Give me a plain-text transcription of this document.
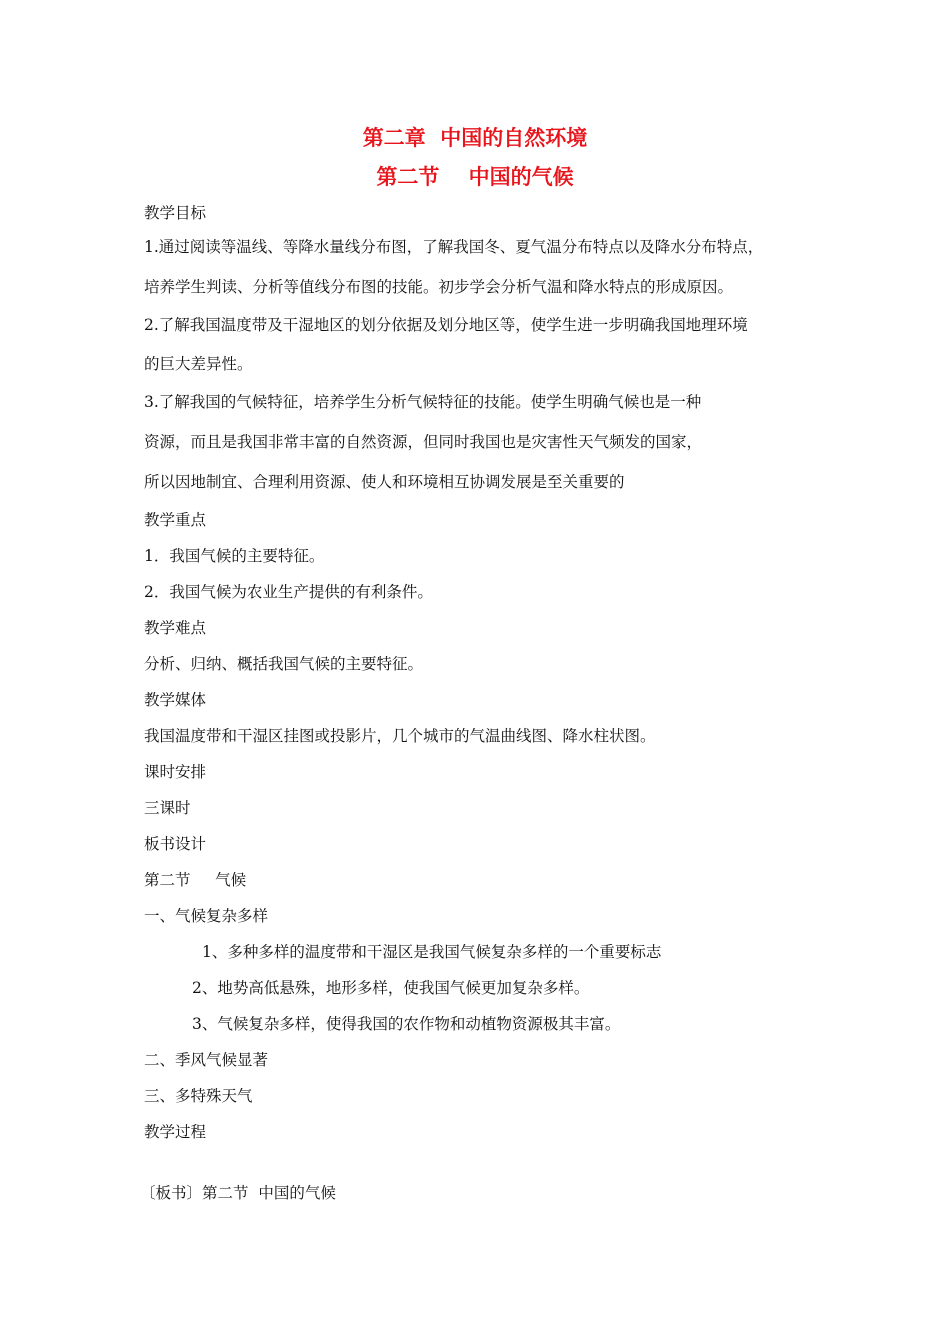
第二章  中国的自然环境
第二节    中国的气候
教学目标
1.通过阅读等温线、等降水量线分布图，了解我国冬、夏气温分布特点以及降水分布特点，
培养学生判读、分析等值线分布图的技能。初步学会分析气温和降水特点的形成原因。
2.了解我国温度带及干湿地区的划分依据及划分地区等，使学生进一步明确我国地理环境
的巨大差异性。
3.了解我国的气候特征，培养学生分析气候特征的技能。使学生明确气候也是一种
资源，而且是我国非常丰富的自然资源，但同时我国也是灾害性天气频发的国家，
所以因地制宜、合理利用资源、使人和环境相互协调发展是至关重要的
教学重点
1．我国气候的主要特征。
2．我国气候为农业生产提供的有利条件。
教学难点
分析、归纳、概括我国气候的主要特征。
教学媒体
我国温度带和干湿区挂图或投影片，几个城市的气温曲线图、降水柱状图。
课时安排
三课时
板书设计
第二节     气候
一、气候复杂多样
1、多种多样的温度带和干湿区是我国气候复杂多样的一个重要标志
2、地势高低悬殊，地形多样，使我国气候更加复杂多样。
3、气候复杂多样，使得我国的农作物和动植物资源极其丰富。
二、季风气候显著
三、多特殊天气
教学过程
〔板书〕第二节  中国的气候
